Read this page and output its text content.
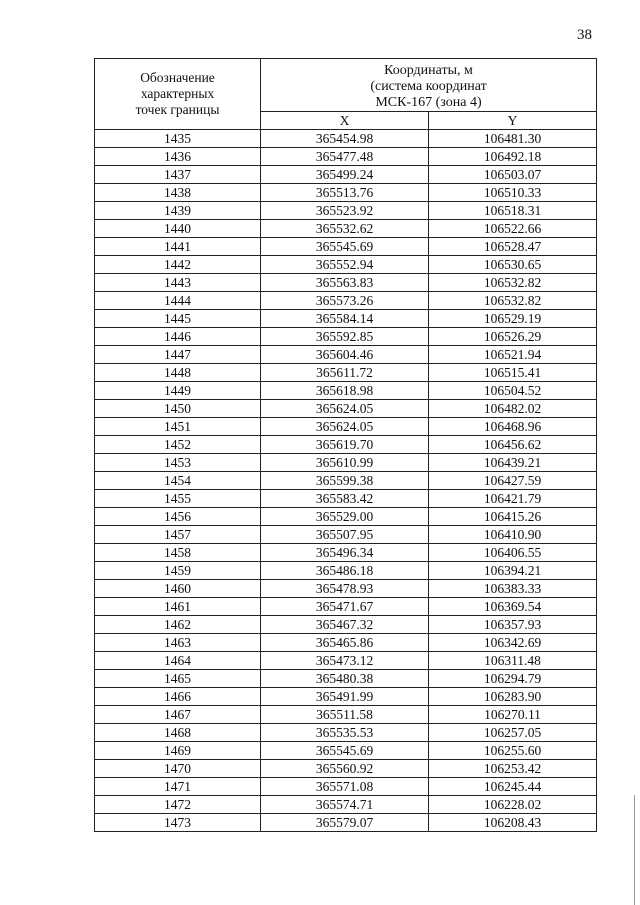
38
Обозначение
характерных
точек границы	Координаты, м
(система координат
МСК-167 (зона 4)	

	X	Y
1435	365454.98	106481.30
1436	365477.48	106492.18
1437	365499.24	106503.07
1438	365513.76	106510.33
1439	365523.92	106518.31
1440	365532.62	106522.66
1441	365545.69	106528.47
1442	365552.94	106530.65
1443	365563.83	106532.82
1444	365573.26	106532.82
1445	365584.14	106529.19
1446	365592.85	106526.29
1447	365604.46	106521.94
1448	365611.72	106515.41
1449	365618.98	106504.52
1450	365624.05	106482.02
1451	365624.05	106468.96
1452	365619.70	106456.62
1453	365610.99	106439.21
1454	365599.38	106427.59
1455	365583.42	106421.79
1456	365529.00	106415.26
1457	365507.95	106410.90
1458	365496.34	106406.55
1459	365486.18	106394.21
1460	365478.93	106383.33
1461	365471.67	106369.54
1462	365467.32	106357.93
1463	365465.86	106342.69
1464	365473.12	106311.48
1465	365480.38	106294.79
1466	365491.99	106283.90
1467	365511.58	106270.11
1468	365535.53	106257.05
1469	365545.69	106255.60
1470	365560.92	106253.42
1471	365571.08	106245.44
1472	365574.71	106228.02
1473	365579.07	106208.43
